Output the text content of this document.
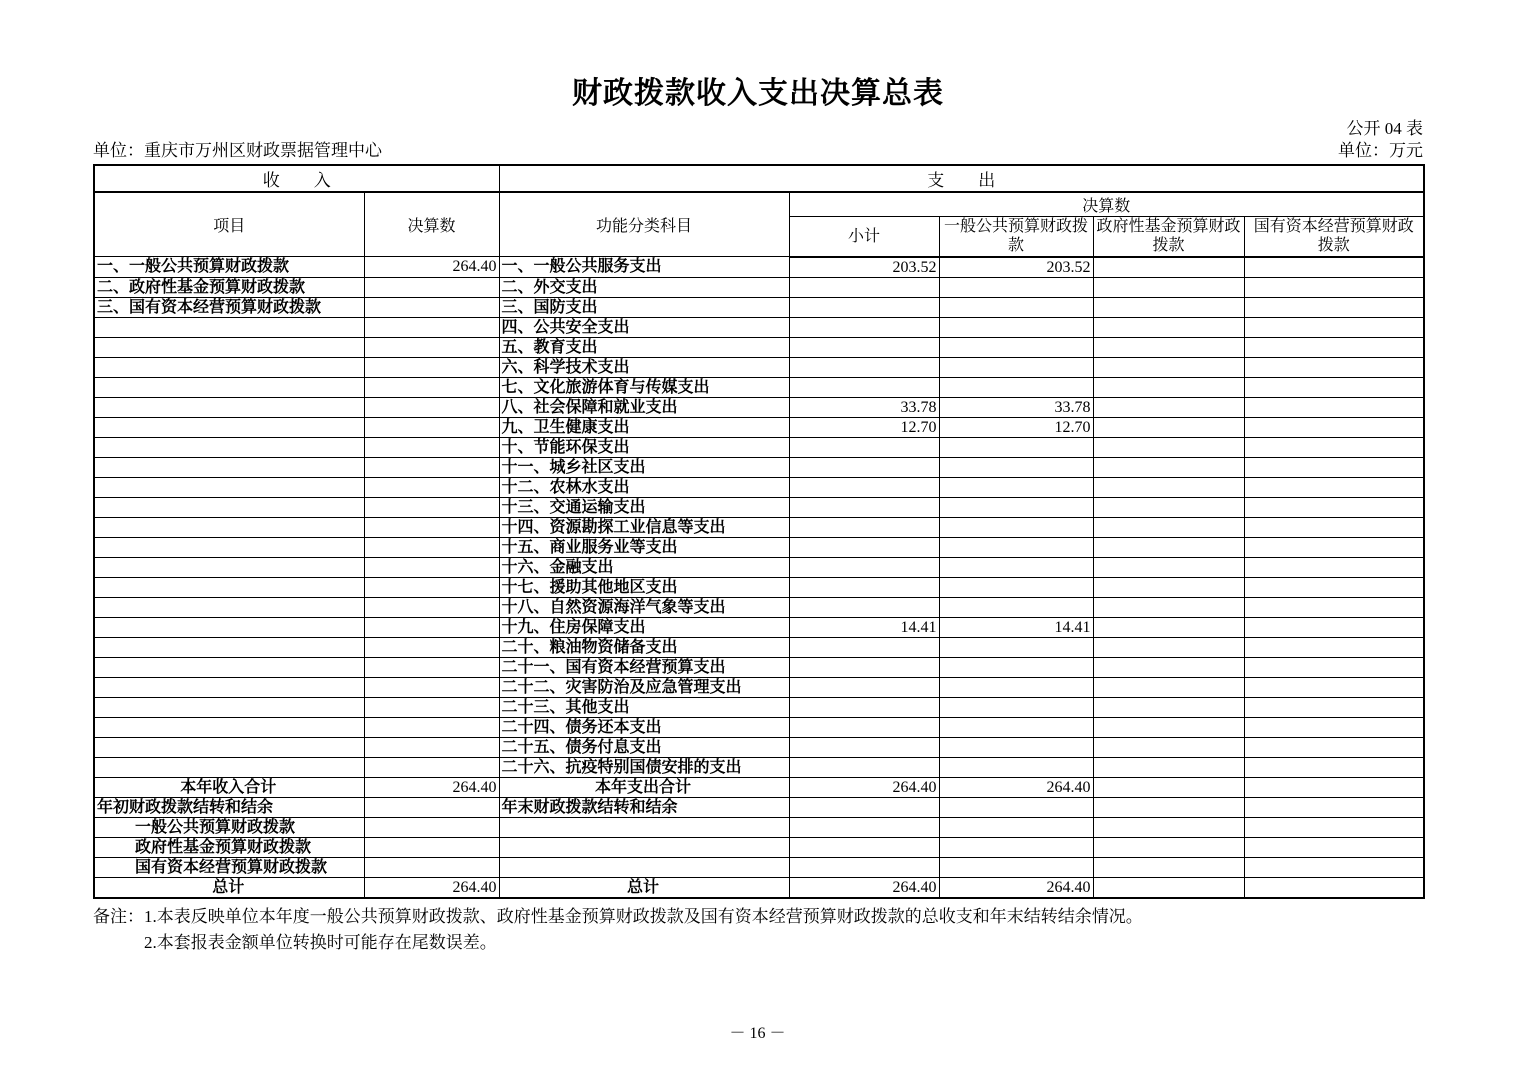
财政拨款收入支出决算总表
公开 04 表
单位：重庆市万州区财政票据管理中心	单位：万元
收　　入		支　　出				
项目	决算数	功能分类科目	决算数			
			小计	一般公共预算财政拨款	政府性基金预算财政拨款	国有资本经营预算财政拨款
一、一般公共预算财政拨款	264.40	一、一般公共服务支出	203.52	203.52		
二、政府性基金预算财政拨款		二、外交支出				
三、国有资本经营预算财政拨款		三、国防支出				
		四、公共安全支出				
		五、教育支出				
		六、科学技术支出				
		七、文化旅游体育与传媒支出				
		八、社会保障和就业支出	33.78	33.78		
		九、卫生健康支出	12.70	12.70		
		十、节能环保支出				
		十一、城乡社区支出				
		十二、农林水支出				
		十三、交通运输支出				
		十四、资源勘探工业信息等支出				
		十五、商业服务业等支出				
		十六、金融支出				
		十七、援助其他地区支出				
		十八、自然资源海洋气象等支出				
		十九、住房保障支出	14.41	14.41		
		二十、粮油物资储备支出				
		二十一、国有资本经营预算支出				
		二十二、灾害防治及应急管理支出				
		二十三、其他支出				
		二十四、债务还本支出				
		二十五、债务付息支出				
		二十六、抗疫特别国债安排的支出				
本年收入合计	264.40	本年支出合计	264.40	264.40		
年初财政拨款结转和结余		年末财政拨款结转和结余				
一般公共预算财政拨款						
政府性基金预算财政拨款						
国有资本经营预算财政拨款						
总计	264.40	总计	264.40	264.40		
备注： 1.本表反映单位本年度一般公共预算财政拨款、政府性基金预算财政拨款及国有资本经营预算财政拨款的总收支和年末结转结余情况。
2.本套报表金额单位转换时可能存在尾数误差。
－ 16 －
